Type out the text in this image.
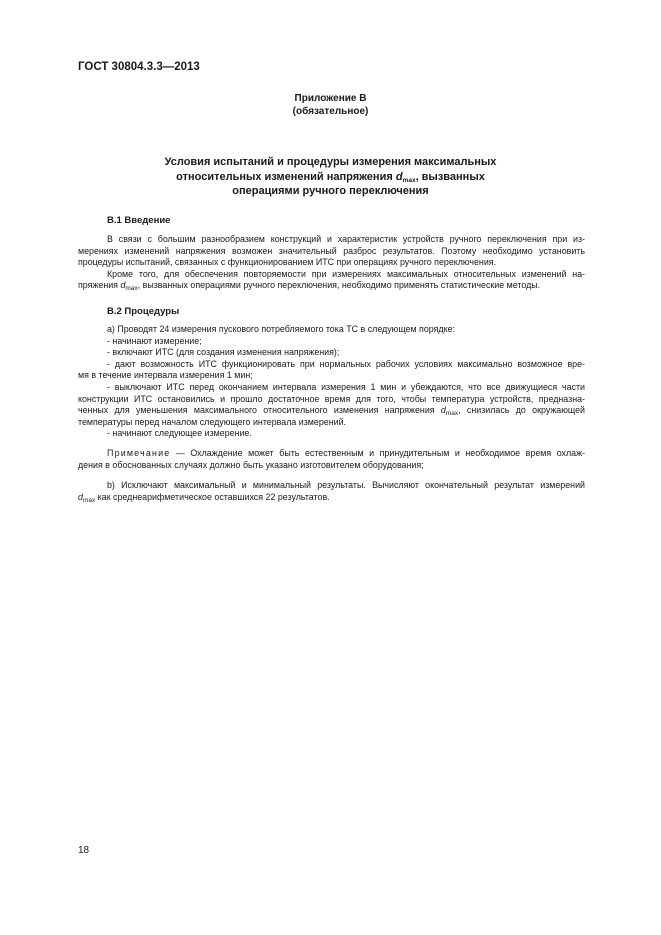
ГОСТ 30804.3.3—2013
Приложение В
(обязательное)
Условия испытаний и процедуры измерения максимальных
относительных изменений напряжения $d_{max}$, вызванных
операциями ручного переключения
В.1 Введение

В связи с большим разнообразием конструкций и характеристик устройств ручного переключения при из-

мерениях изменений напряжения возможен значительный разброс результатов. Поэтому необходимо установить

процедуры испытаний, связанных с функционированием ИТС при операциях ручного переключения.

Кроме того, для обеспечения повторяемости при измерениях максимальных относительных изменений на-

пряжения $d_{max}$, вызванных операциями ручного переключения, необходимо применять статистические методы.

В.2 Процедуры

а) Проводят 24 измерения пускового потребляемого тока ТС в следующем порядке:

- начинают измерение;

- включают ИТС (для создания изменения напряжения);

- дают возможность ИТС функционировать при нормальных рабочих условиях максимально возможное вре-

мя в течение интервала измерения 1 мин;

- выключают ИТС перед окончанием интервала измерения 1 мин и убеждаются, что все движущиеся части

конструкции ИТС остановились и прошло достаточное время для того, чтобы температура устройств, предназна-

ченных для уменьшения максимального относительного изменения напряжения $d_{max}$, снизилась до окружающей

температуры перед началом следующего интервала измерений.

- начинают следующее измерение.

Примечание — Охлаждение может быть естественным и принудительным и необходимое время охлаж-

дения в обоснованных случаях должно быть указано изготовителем оборудования;

b) Исключают максимальный и минимальный результаты. Вычисляют окончательный результат измерений

$d_{max}$ как среднеарифметическое оставшихся 22 результатов.

18
